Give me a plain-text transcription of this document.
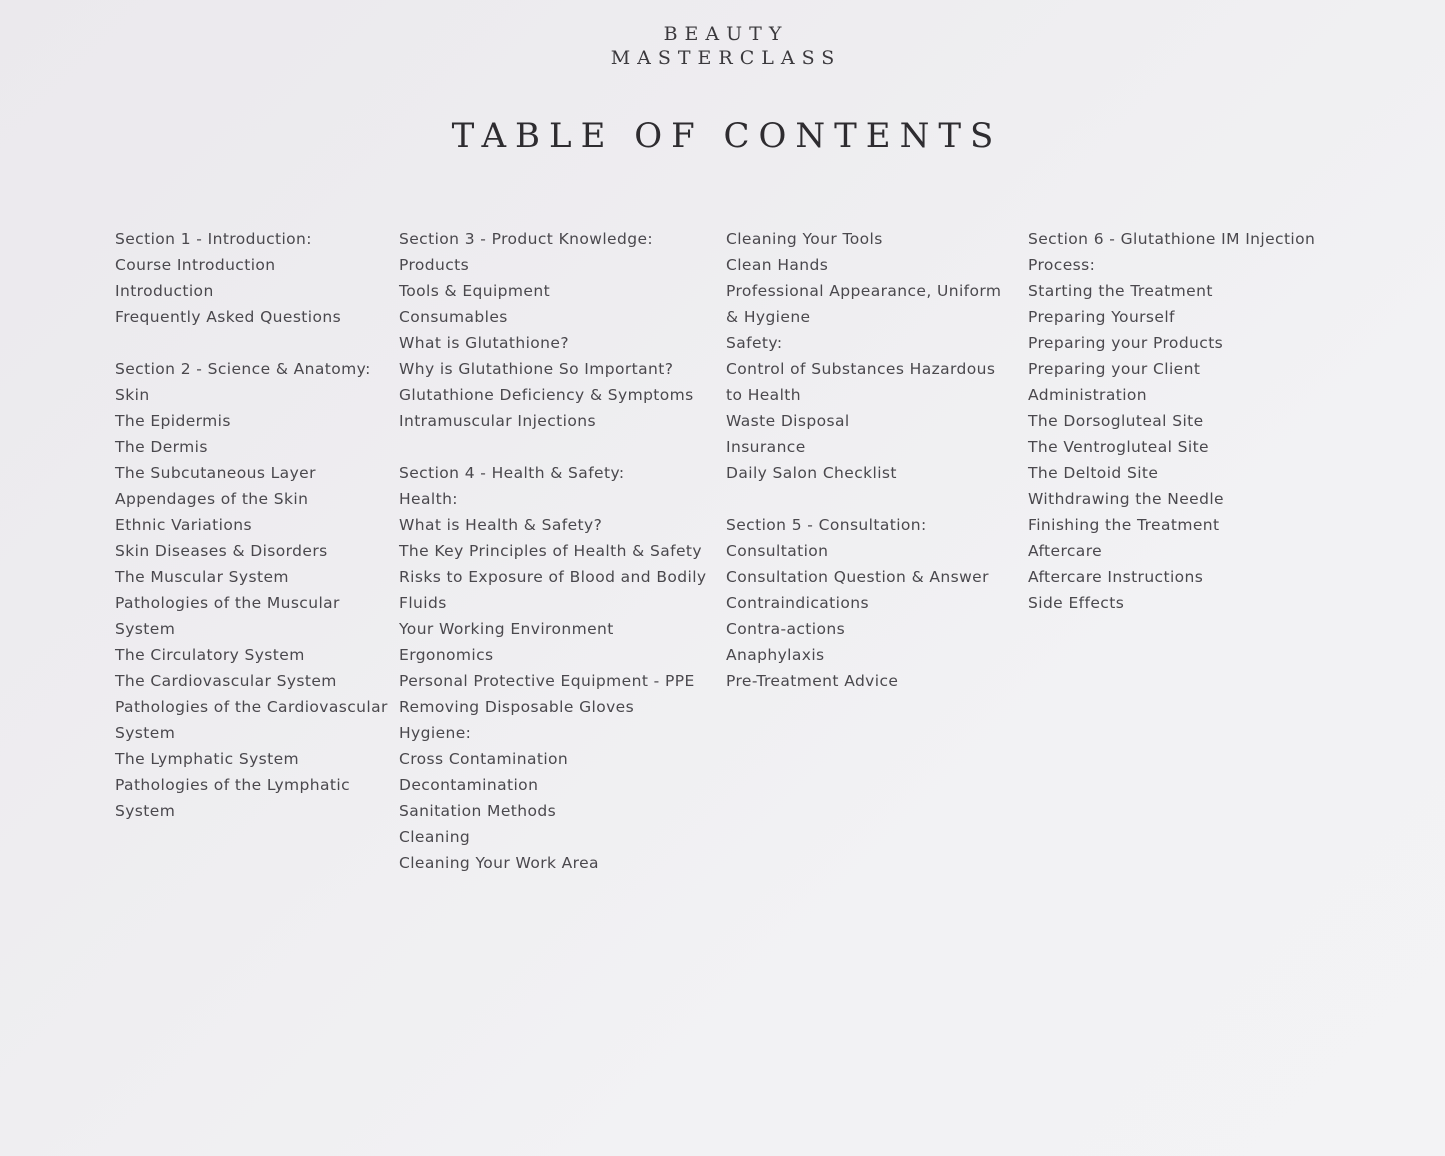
BEAUTY
MASTERCLASS
TABLE OF CONTENTS
Section 1 - Introduction:
Course Introduction
Introduction
Frequently Asked Questions
Section 2 - Science & Anatomy:
Skin
The Epidermis
The Dermis
The Subcutaneous Layer
Appendages of the Skin
Ethnic Variations
Skin Diseases & Disorders
The Muscular System
Pathologies of the Muscular
System
The Circulatory System
The Cardiovascular System
Pathologies of the Cardiovascular
System
The Lymphatic System
Pathologies of the Lymphatic
System
Section 3 - Product Knowledge:
Products
Tools & Equipment
Consumables
What is Glutathione?
Why is Glutathione So Important?
Glutathione Deficiency & Symptoms
Intramuscular Injections
Section 4 - Health & Safety:
Health:
What is Health & Safety?
The Key Principles of Health & Safety
Risks to Exposure of Blood and Bodily
Fluids
Your Working Environment
Ergonomics
Personal Protective Equipment - PPE
Removing Disposable Gloves
Hygiene:
Cross Contamination
Decontamination
Sanitation Methods
Cleaning
Cleaning Your Work Area
Cleaning Your Tools
Clean Hands
Professional Appearance, Uniform
& Hygiene
Safety:
Control of Substances Hazardous
to Health
Waste Disposal
Insurance
Daily Salon Checklist
Section 5 - Consultation:
Consultation
Consultation Question & Answer
Contraindications
Contra-actions
Anaphylaxis
Pre-Treatment Advice
Section 6 - Glutathione IM Injection
Process:
Starting the Treatment
Preparing Yourself
Preparing your Products
Preparing your Client
Administration
The Dorsogluteal Site
The Ventrogluteal Site
The Deltoid Site
Withdrawing the Needle
Finishing the Treatment
Aftercare
Aftercare Instructions
Side Effects
